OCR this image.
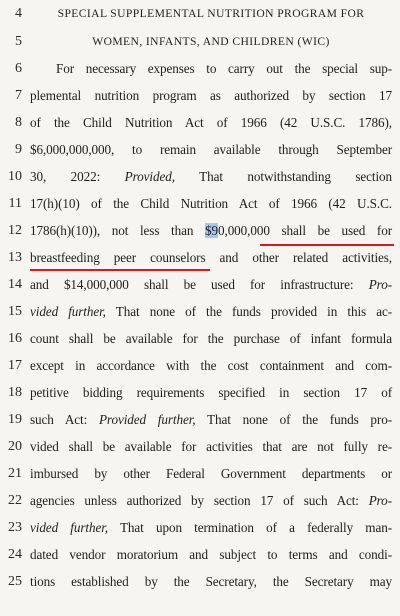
4	SPECIAL SUPPLEMENTAL NUTRITION PROGRAM FOR
5	WOMEN, INFANTS, AND CHILDREN (WIC)
6	For necessary expenses to carry out the special sup-
7 plemental nutrition program as authorized by section 17
8 of the Child Nutrition Act of 1966 (42 U.S.C. 1786),
9 $6,000,000,000, to remain available through September
10 30, 2022: Provided, That notwithstanding section
11 17(h)(10) of the Child Nutrition Act of 1966 (42 U.S.C.
12 1786(h)(10)), not less than $90,000,000 shall be used for
13 breastfeeding peer counselors and other related activities,
14 and $14,000,000 shall be used for infrastructure: Pro-
15 vided further, That none of the funds provided in this ac-
16 count shall be available for the purchase of infant formula
17 except in accordance with the cost containment and com-
18 petitive bidding requirements specified in section 17 of
19 such Act: Provided further, That none of the funds pro-
20 vided shall be available for activities that are not fully re-
21 imbursed by other Federal Government departments or
22 agencies unless authorized by section 17 of such Act: Pro-
23 vided further, That upon termination of a federally man-
24 dated vendor moratorium and subject to terms and condi-
25 tions established by the Secretary, the Secretary may
